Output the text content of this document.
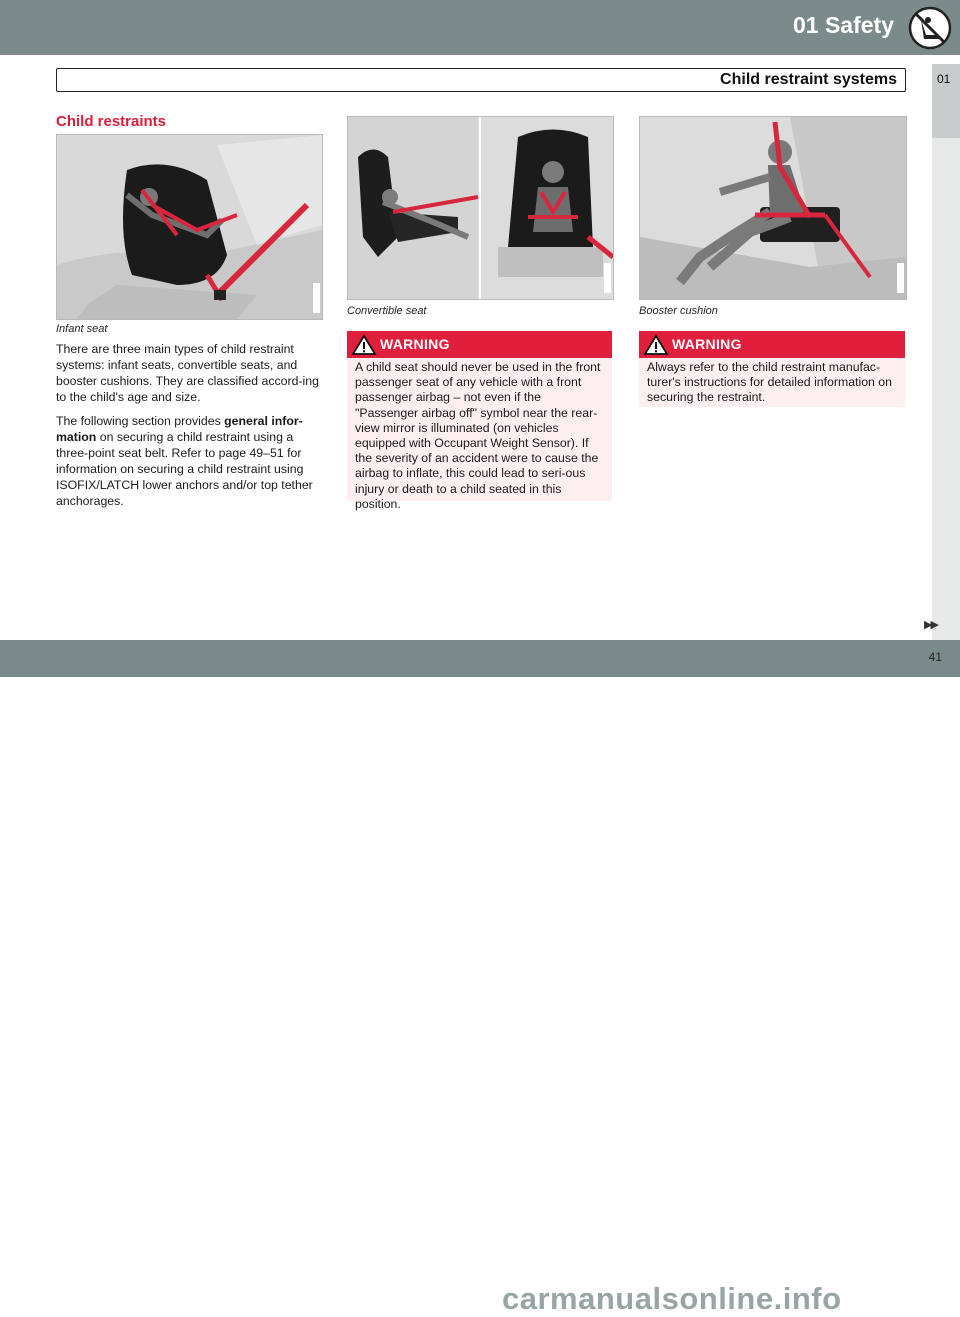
01 Safety
Child restraint systems	01
Child restraints
Infant seat

There are three main types of child restraint systems: infant seats, convertible seats, and booster cushions. They are classified accord-ing to the child's age and size.

The following section provides general infor-mation on securing a child restraint using a three-point seat belt. Refer to page 49–51 for information on securing a child restraint using ISOFIX/LATCH lower anchors and/or top tether anchorages.

Convertible seat
WARNING
A child seat should never be used in the front passenger seat of any vehicle with a front passenger airbag – not even if the "Passenger airbag off" symbol near the rear-view mirror is illuminated (on vehicles equipped with Occupant Weight Sensor). If the severity of an accident were to cause the airbag to inflate, this could lead to seri-ous injury or death to a child seated in this position.
Booster cushion
WARNING
Always refer to the child restraint manufac-turer's instructions for detailed information on securing the restraint.
▶▶
carmanualsonline.info
41
